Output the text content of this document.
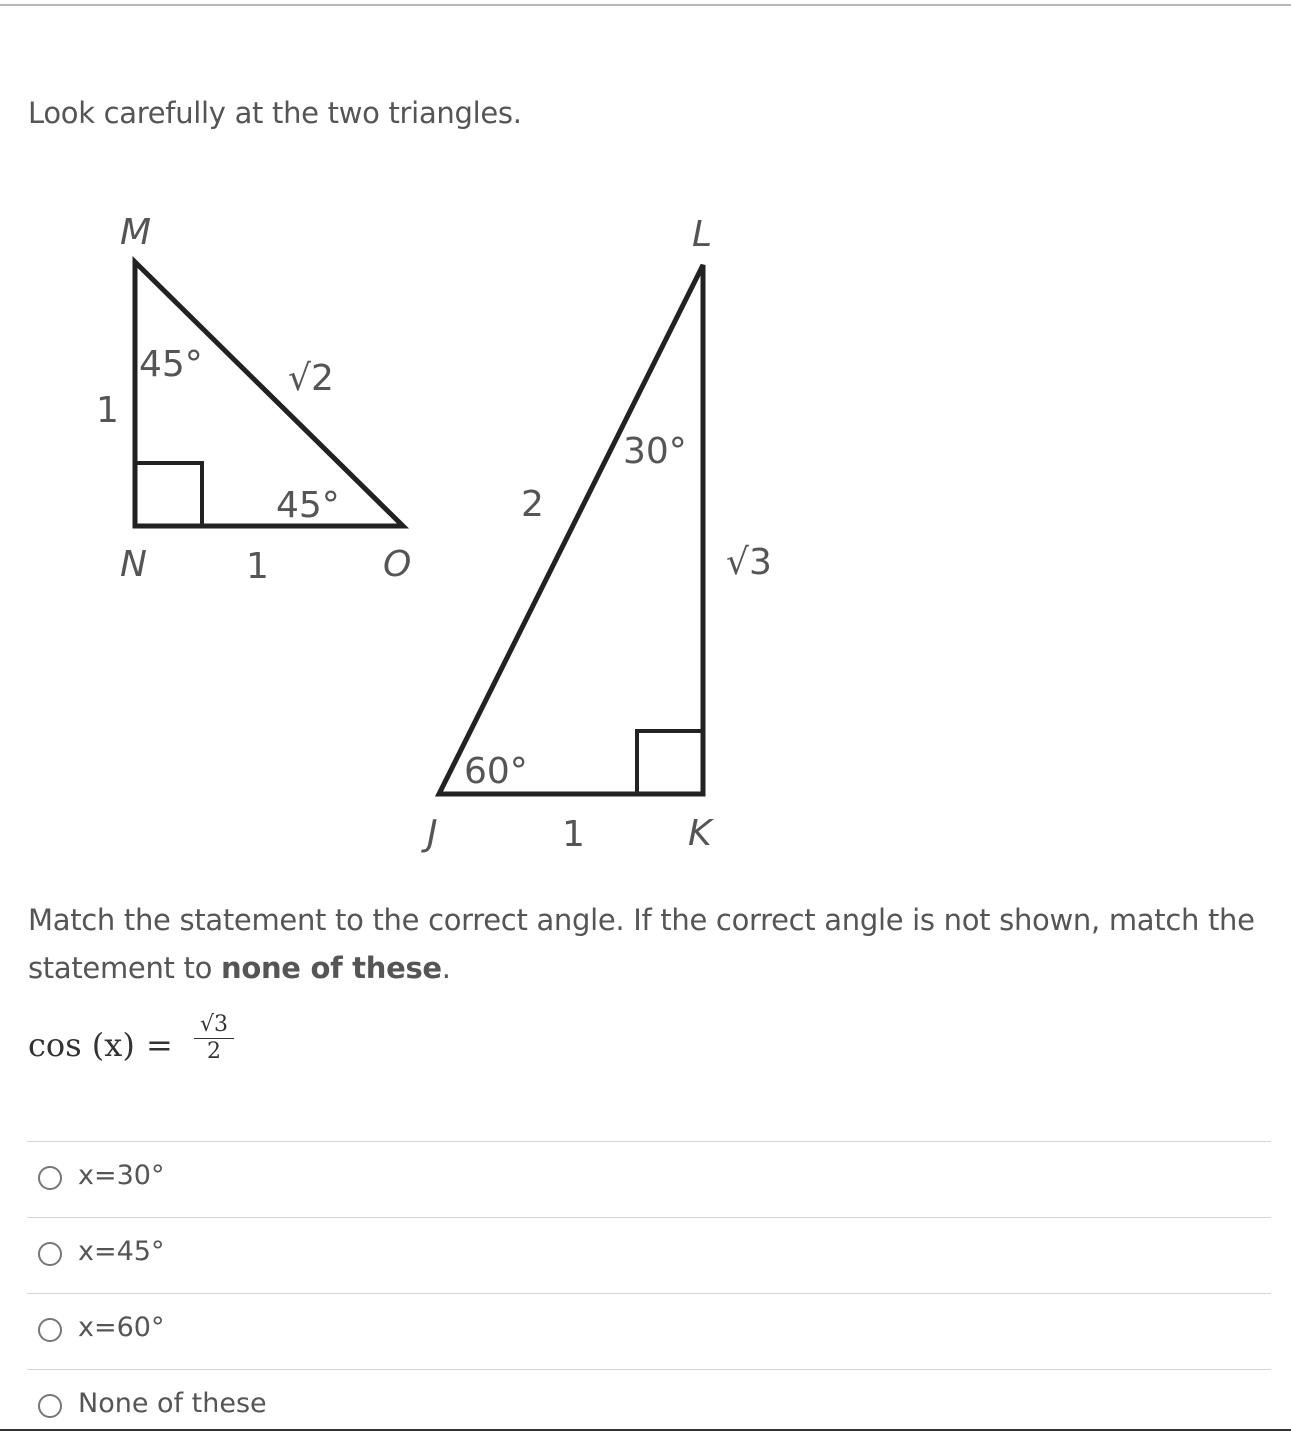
Look carefully at the two triangles.
M
N	O
45°
45°
1
1
√2
L
J	K
30°
60°
2
1
√3
Match the statement to the correct angle. If the correct angle is not shown, match the statement to none of these.
$\cos (x) = \frac{√3}{2}$
x=30°
x=45°
x=60°
None of these
